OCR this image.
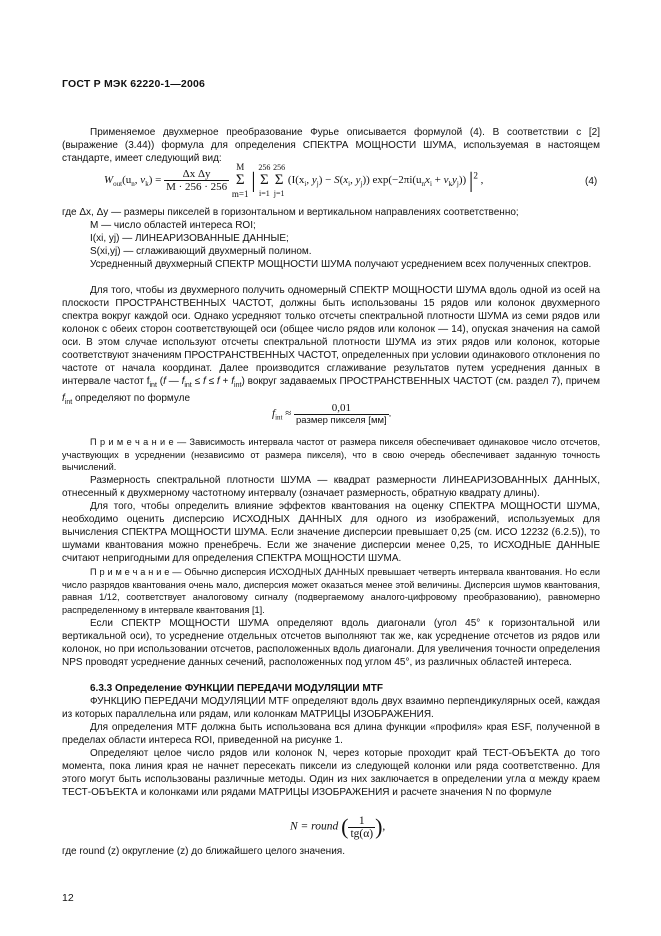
ГОСТ Р МЭК 62220-1—2006
Применяемое двухмерное преобразование Фурье описывается формулой (4). В соответствии с [2] (выражение (3.44)) формула для определения СПЕКТРА МОЩНОСТИ ШУМА, используемая в настоящем стандарте, имеет следующий вид:
$W_{out}(u_n$, $v_k) = \frac{\text{Δx Δy}}{M \cdot 256 \cdot 256}$
M
Σ
m=1 | 256
Σ
i=1 256
Σ
j=1 ($I(x_i$, $y_j) - S(x_i$, $y_j$)) $\exp(-2\pi i(u_nx_i + v_ky_j))$ $|^2$ ,	(4)
где Δx, Δy — размеры пикселей в горизонтальном и вертикальном направлениях соответственно;
M — число областей интереса ROI;
I(xi, yj) — ЛИНЕАРИЗОВАННЫЕ ДАННЫЕ;
S(xi,yj) — сглаживающий двухмерный полином.
Усредненный двухмерный СПЕКТР МОЩНОСТИ ШУМА получают усреднением всех полученных спектров.
Для того, чтобы из двухмерного получить одномерный СПЕКТР МОЩНОСТИ ШУМА вдоль одной из осей на плоскости ПРОСТРАНСТВЕННЫХ ЧАСТОТ, должны быть использованы 15 рядов или колонок двухмерного спектра вокруг каждой оси. Однако усредняют только отсчеты спектральной плотности ШУМА из семи рядов или колонок с обеих сторон соответствующей оси (общее число рядов или колонок — 14), опуская значения на самой оси. В этом случае используют отсчеты спектральной плотности ШУМА из этих рядов или колонок, которые соответствуют значениям ПРОСТРАНСТВЕННЫХ ЧАСТОТ, определенных при условии одинакового отклонения по частоте от начала координат. Далее производится сглаживание результатов путем усреднения данных в интервале частот $f_{int}$ (f — $f_{int} \le f \le f + f_{int}$) вокруг задаваемых ПРОСТРАНСТВЕННЫХ ЧАСТОТ (см. раздел 7), причем $f_{int}$ определяют по формуле
$f_{int} \approx \frac{0,01}{\text{размер пикселя [мм]}}$ .
П р и м е ч а н и е — Зависимость интервала частот от размера пикселя обеспечивает одинаковое число отсчетов, участвующих в усреднении (независимо от размера пикселя), что в свою очередь обеспечивает заданную точность вычислений.
Размерность спектральной плотности ШУМА — квадрат размерности ЛИНЕАРИЗОВАННЫХ ДАННЫХ, отнесенный к двухмерному частотному интервалу (означает размерность, обратную квадрату длины).
Для того, чтобы определить влияние эффектов квантования на оценку СПЕКТРА МОЩНОСТИ ШУМА, необходимо оценить дисперсию ИСХОДНЫХ ДАННЫХ для одного из изображений, используемых для вычисления СПЕКТРА МОЩНОСТИ ШУМА. Если значение дисперсии превышает 0,25 (см. ИСО 12232 (6.2.5)), то шумами квантования можно пренебречь. Если же значение дисперсии менее 0,25, то ИСХОДНЫЕ ДАННЫЕ считают непригодными для определения СПЕКТРА МОЩНОСТИ ШУМА.
П р и м е ч а н и е — Обычно дисперсия ИСХОДНЫХ ДАННЫХ превышает четверть интервала квантования. Но если число разрядов квантования очень мало, дисперсия может оказаться менее этой величины. Дисперсия шумов квантования, равная 1/12, соответствует аналоговому сигналу (подвергаемому аналого-цифровому преобразованию), равномерно распределенному в интервале квантования [1].
Если СПЕКТР МОЩНОСТИ ШУМА определяют вдоль диагонали (угол 45° к горизонтальной или вертикальной оси), то усреднение отдельных отсчетов выполняют так же, как усреднение отсчетов из рядов или колонок, но при использовании отсчетов, расположенных вдоль диагонали. Для увеличения точности определения NPS проводят усреднение данных сечений, расположенных под углом 45°, из различных областей интереса.
6.3.3 Определение ФУНКЦИИ ПЕРЕДАЧИ МОДУЛЯЦИИ MTF
ФУНКЦИЮ ПЕРЕДАЧИ МОДУЛЯЦИИ MTF определяют вдоль двух взаимно перпендикулярных осей, каждая из которых параллельна или рядам, или колонкам МАТРИЦЫ ИЗОБРАЖЕНИЯ.
Для определения MTF должна быть использована вся длина функции «профиля» края ESF, полученной в пределах области интереса ROI, приведенной на рисунке 1.
Определяют целое число рядов или колонок N, через которые проходит край ТЕСТ-ОБЪЕКТА до того момента, пока линия края не начнет пересекать пиксели из следующей колонки или ряда соответственно. Для этого могут быть использованы различные методы. Один из них заключается в определении угла α между краем ТЕСТ-ОБЪЕКТА и колонками или рядами МАТРИЦЫ ИЗОБРАЖЕНИЯ и расчете значения N по формуле
N = round ( $\frac{1}{tg(\alpha)}$ ),
где round (z) округление (z) до ближайшего целого значения.
12
